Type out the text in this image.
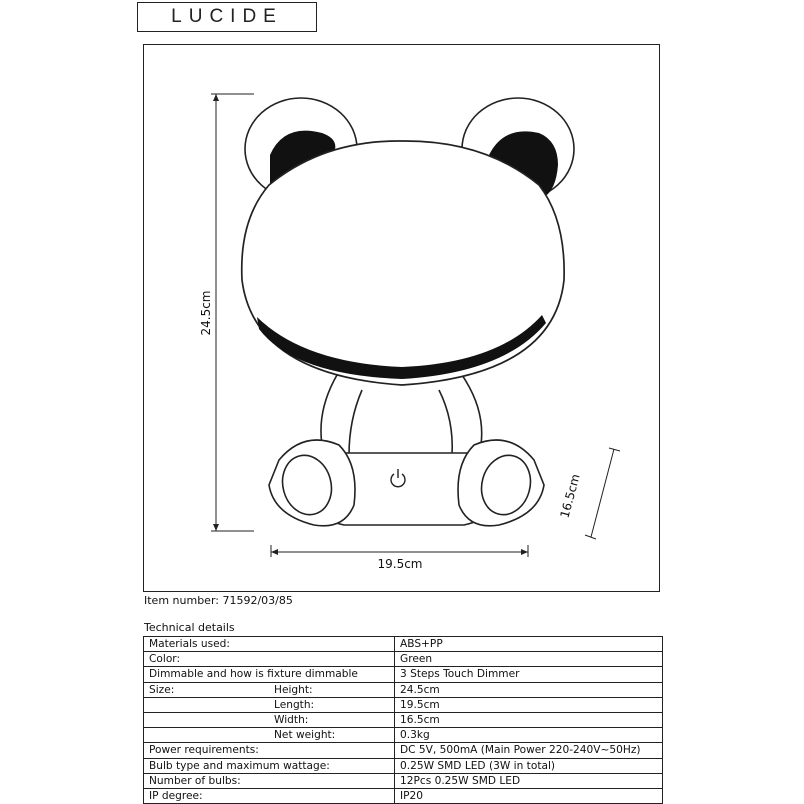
LUCIDE
24.5cm
19.5cm
16.5cm
Item number: 71592/03/85
Technical details
Materials used:	ABS+PP
Color:	Green
Dimmable and how is fixture dimmable	3 Steps Touch Dimmer
Size: Height:	24.5cm

Length:	19.5cm

Width:	16.5cm

Net weight:	0.3kg
Power requirements:	DC 5V, 500mA (Main Power 220-240V~50Hz)
Bulb type and maximum wattage:	0.25W SMD LED (3W in total)
Number of bulbs:	12Pcs 0.25W SMD LED
IP degree:	IP20
